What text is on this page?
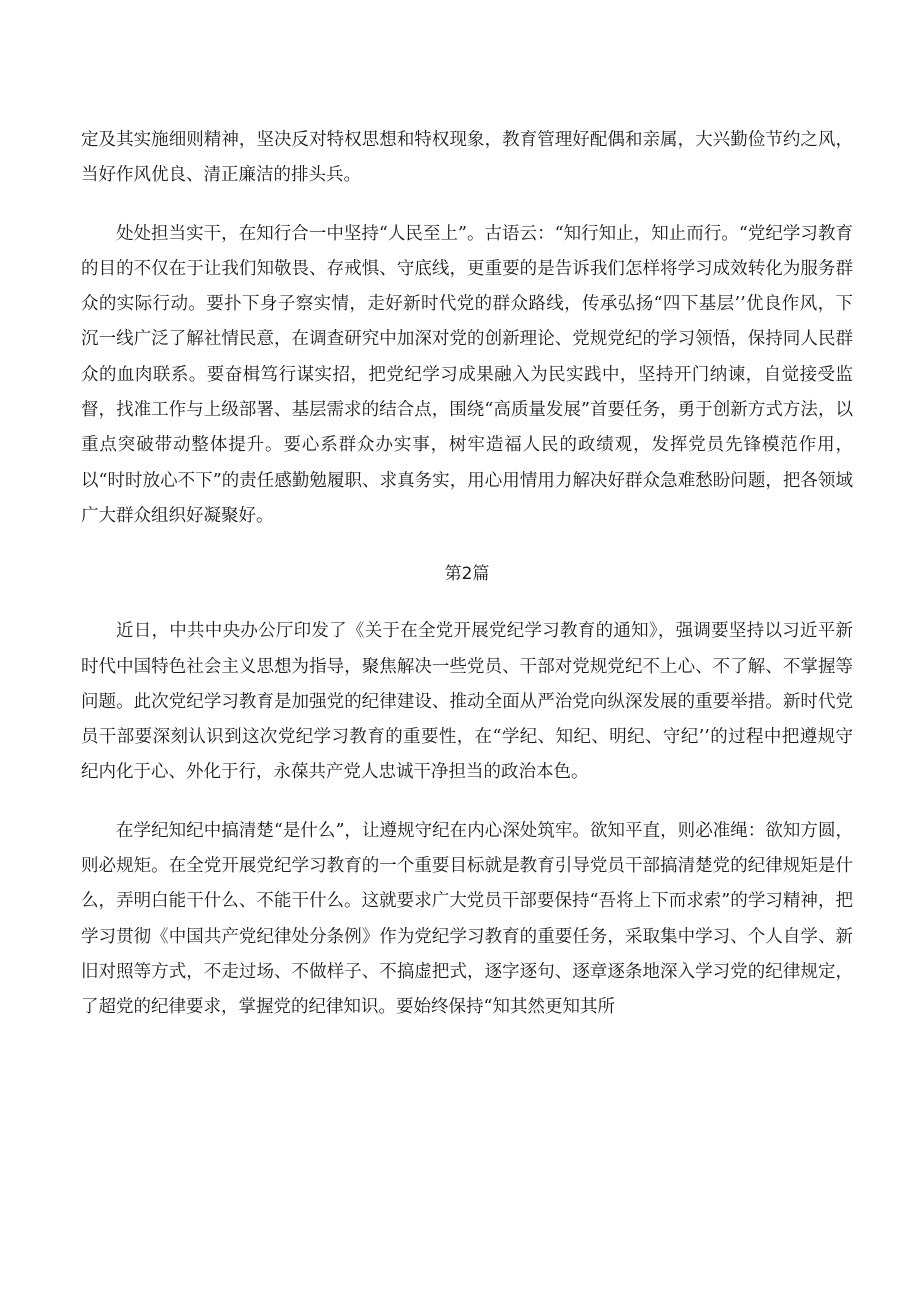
定及其实施细则精神，坚决反对特权思想和特权现象，教育管理好配偶和亲属，大兴勤俭节约之风，当好作风优良、清正廉洁的排头兵。

处处担当实干，在知行合一中坚持“人民至上”。古语云：“知行知止，知止而行。“党纪学习教育的目的不仅在于让我们知敬畏、存戒惧、守底线，更重要的是告诉我们怎样将学习成效转化为服务群众的实际行动。要扑下身子察实情，走好新时代党的群众路线，传承弘扬“四下基层’’优良作风，下沉一线广泛了解社情民意，在调查研究中加深对党的创新理论、党规党纪的学习领悟，保持同人民群众的血肉联系。要奋楫笃行谋实招，把党纪学习成果融入为民实践中，坚持开门纳谏，自觉接受监督，找准工作与上级部署、基层需求的结合点，围绕“高质量发展”首要任务，勇于创新方式方法，以重点突破带动整体提升。要心系群众办实事，树牢造福人民的政绩观，发挥党员先锋模范作用，以“时时放心不下”的责任感勤勉履职、求真务实，用心用情用力解决好群众急难愁盼问题，把各领域广大群众组织好凝聚好。

第2篇

近日，中共中央办公厅印发了《关于在全党开展党纪学习教育的通知》，强调要坚持以习近平新时代中国特色社会主义思想为指导，聚焦解决一些党员、干部对党规党纪不上心、不了解、不掌握等问题。此次党纪学习教育是加强党的纪律建设、推动全面从严治党向纵深发展的重要举措。新时代党员干部要深刻认识到这次党纪学习教育的重要性，在“学纪、知纪、明纪、守纪’’的过程中把遵规守纪内化于心、外化于行，永葆共产党人忠诚干净担当的政治本色。

在学纪知纪中搞清楚“是什么”，让遵规守纪在内心深处筑牢。欲知平直，则必准绳：欲知方圆，则必规矩。在全党开展党纪学习教育的一个重要目标就是教育引导党员干部搞清楚党的纪律规矩是什么，弄明白能干什么、不能干什么。这就要求广大党员干部要保持“吾将上下而求索”的学习精神，把学习贯彻《中国共产党纪律处分条例》作为党纪学习教育的重要任务，采取集中学习、个人自学、新旧对照等方式，不走过场、不做样子、不搞虚把式，逐字逐句、逐章逐条地深入学习党的纪律规定，了超党的纪律要求，掌握党的纪律知识。要始终保持“知其然更知其所
